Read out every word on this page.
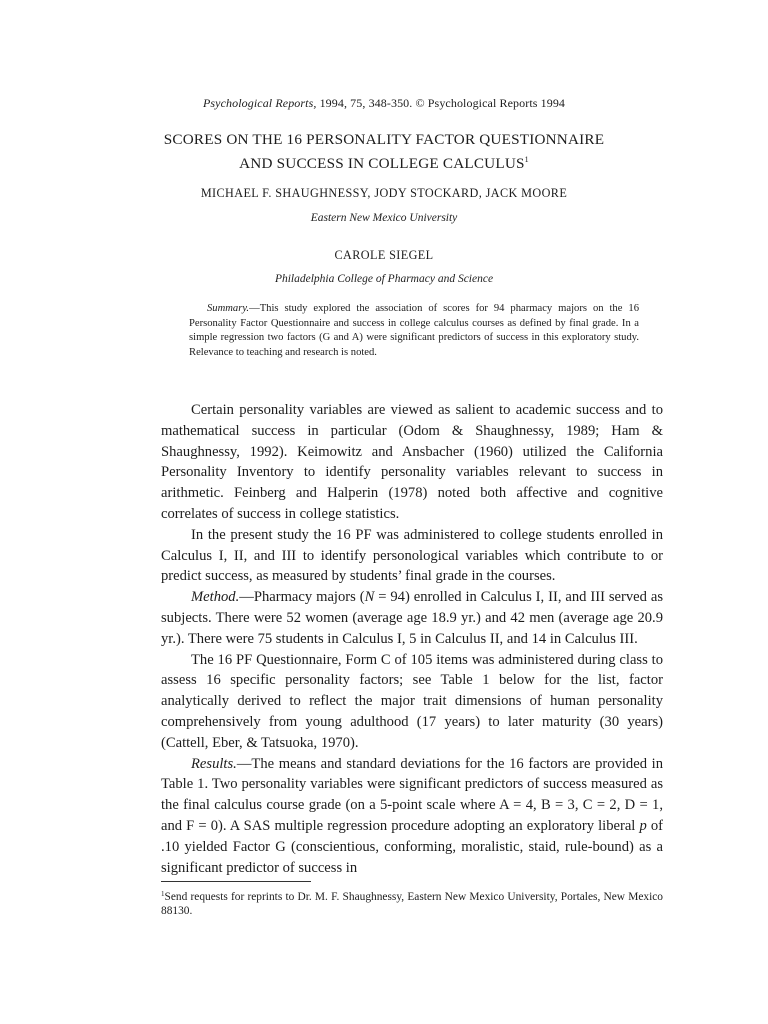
Psychological Reports, 1994, 75, 348-350. © Psychological Reports 1994
SCORES ON THE 16 PERSONALITY FACTOR QUESTIONNAIRE
AND SUCCESS IN COLLEGE CALCULUS$^1$
MICHAEL F. SHAUGHNESSY, JODY STOCKARD, JACK MOORE
Eastern New Mexico University
CAROLE SIEGEL
Philadelphia College of Pharmacy and Science
Summary.—This study explored the association of scores for 94 pharmacy majors on the 16 Personality Factor Questionnaire and success in college calculus courses as defined by final grade. In a simple regression two factors (G and A) were significant predictors of success in this exploratory study. Relevance to teaching and research is noted.

Certain personality variables are viewed as salient to academic success and to mathematical success in particular (Odom & Shaughnessy, 1989; Ham & Shaughnessy, 1992). Keimowitz and Ansbacher (1960) utilized the California Personality Inventory to identify personality variables relevant to success in arithmetic. Feinberg and Halperin (1978) noted both affective and cognitive correlates of success in college statistics.

In the present study the 16 PF was administered to college students enrolled in Calculus I, II, and III to identify personological variables which contribute to or predict success, as measured by students’ final grade in the courses.

Method.—Pharmacy majors (N = 94) enrolled in Calculus I, II, and III served as subjects. There were 52 women (average age 18.9 yr.) and 42 men (average age 20.9 yr.). There were 75 students in Calculus I, 5 in Calculus II, and 14 in Calculus III.

The 16 PF Questionnaire, Form C of 105 items was administered during class to assess 16 specific personality factors; see Table 1 below for the list, factor analytically derived to reflect the major trait dimensions of human personality comprehensively from young adulthood (17 years) to later maturity (30 years) (Cattell, Eber, & Tatsuoka, 1970).

Results.—The means and standard deviations for the 16 factors are provided in Table 1. Two personality variables were significant predictors of success measured as the final calculus course grade (on a 5-point scale where A = 4, B = 3, C = 2, D = 1, and F = 0). A SAS multiple regression procedure adopting an exploratory liberal p of .10 yielded Factor G (conscientious, conforming, moralistic, staid, rule-bound) as a significant predictor of success in

$^1$Send requests for reprints to Dr. M. F. Shaughnessy, Eastern New Mexico University, Portales, New Mexico 88130.
